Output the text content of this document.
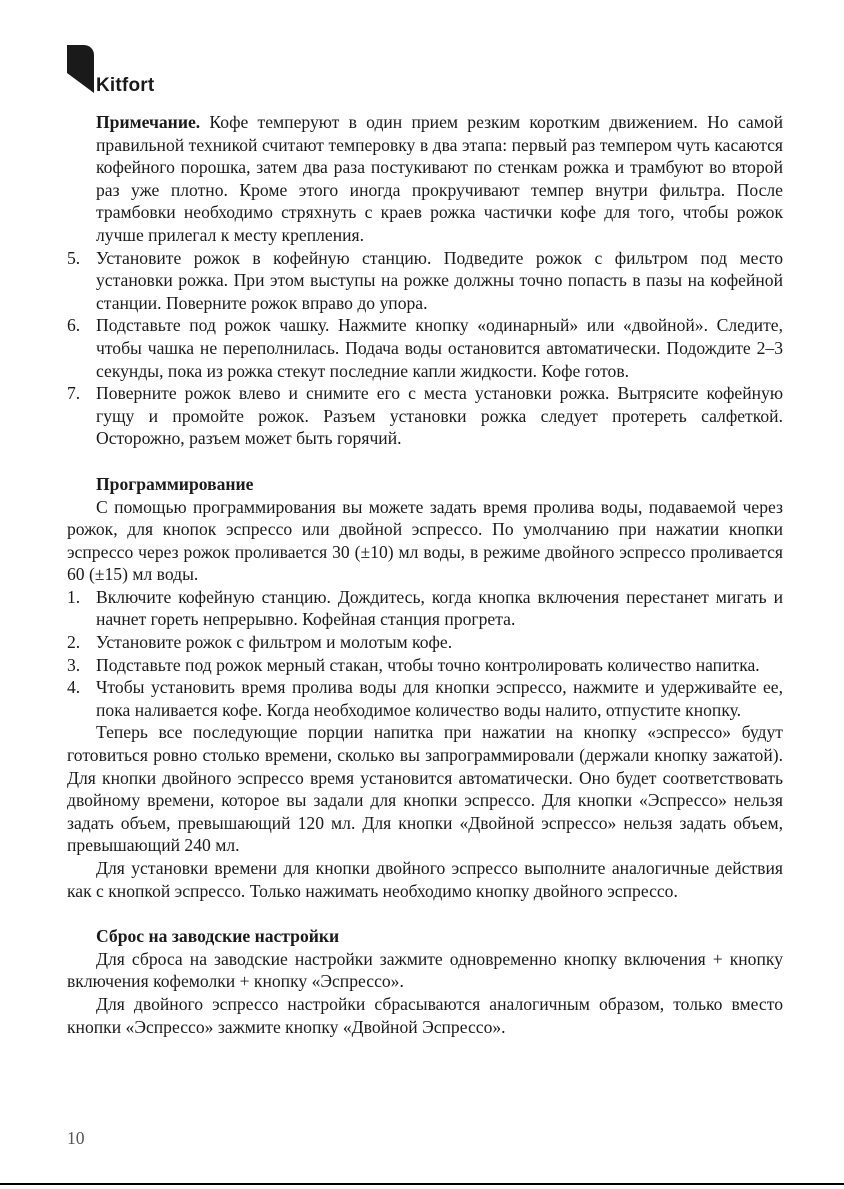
Kitfort

Примечание. Кофе темперуют в один прием резким коротким движением. Но самой правильной техникой считают темперовку в два этапа: первый раз темпером чуть касаются кофейного порошка, затем два раза постукивают по стенкам рожка и трамбуют во второй раз уже плотно. Кроме этого иногда прокручивают темпер внутри фильтра. После трамбовки необходимо стряхнуть с краев рожка частички кофе для того, чтобы рожок лучше прилегал к месту крепления.

5. Установите рожок в кофейную станцию. Подведите рожок с фильтром под место установки рожка. При этом выступы на рожке должны точно попасть в пазы на кофейной станции. Поверните рожок вправо до упора.
6. Подставьте под рожок чашку. Нажмите кнопку «одинарный» или «двойной». Следите, чтобы чашка не переполнилась. Подача воды остановится автоматически. Подождите 2–3 секунды, пока из рожка стекут последние капли жидкости. Кофе готов.
7. Поверните рожок влево и снимите его с места установки рожка. Вытрясите кофейную гущу и промойте рожок. Разъем установки рожка следует протереть салфеткой. Осторожно, разъем может быть горячий.

Программирование

С помощью программирования вы можете задать время пролива воды, подаваемой через рожок, для кнопок эспрессо или двойной эспрессо. По умолчанию при нажатии кнопки эспрессо через рожок проливается 30 (±10) мл воды, в режиме двойного эспрессо проливается 60 (±15) мл воды.

1. Включите кофейную станцию. Дождитесь, когда кнопка включения перестанет мигать и начнет гореть непрерывно. Кофейная станция прогрета.
2. Установите рожок с фильтром и молотым кофе.
3. Подставьте под рожок мерный стакан, чтобы точно контролировать количество напитка.
4. Чтобы установить время пролива воды для кнопки эспрессо, нажмите и удерживайте ее, пока наливается кофе. Когда необходимое количество воды налито, отпустите кнопку.

Теперь все последующие порции напитка при нажатии на кнопку «эспрессо» будут готовиться ровно столько времени, сколько вы запрограммировали (держали кнопку зажатой). Для кнопки двойного эспрессо время установится автоматически. Оно будет соответствовать двойному времени, которое вы задали для кнопки эспрессо. Для кнопки «Эспрессо» нельзя задать объем, превышающий 120 мл. Для кнопки «Двойной эспрессо» нельзя задать объем, превышающий 240 мл.

Для установки времени для кнопки двойного эспрессо выполните аналогичные действия как с кнопкой эспрессо. Только нажимать необходимо кнопку двойного эспрессо.

Сброс на заводские настройки

Для сброса на заводские настройки зажмите одновременно кнопку включения + кнопку включения кофемолки + кнопку «Эспрессо».

Для двойного эспрессо настройки сбрасываются аналогичным образом, только вместо кнопки «Эспрессо» зажмите кнопку «Двойной Эспрессо».

10
